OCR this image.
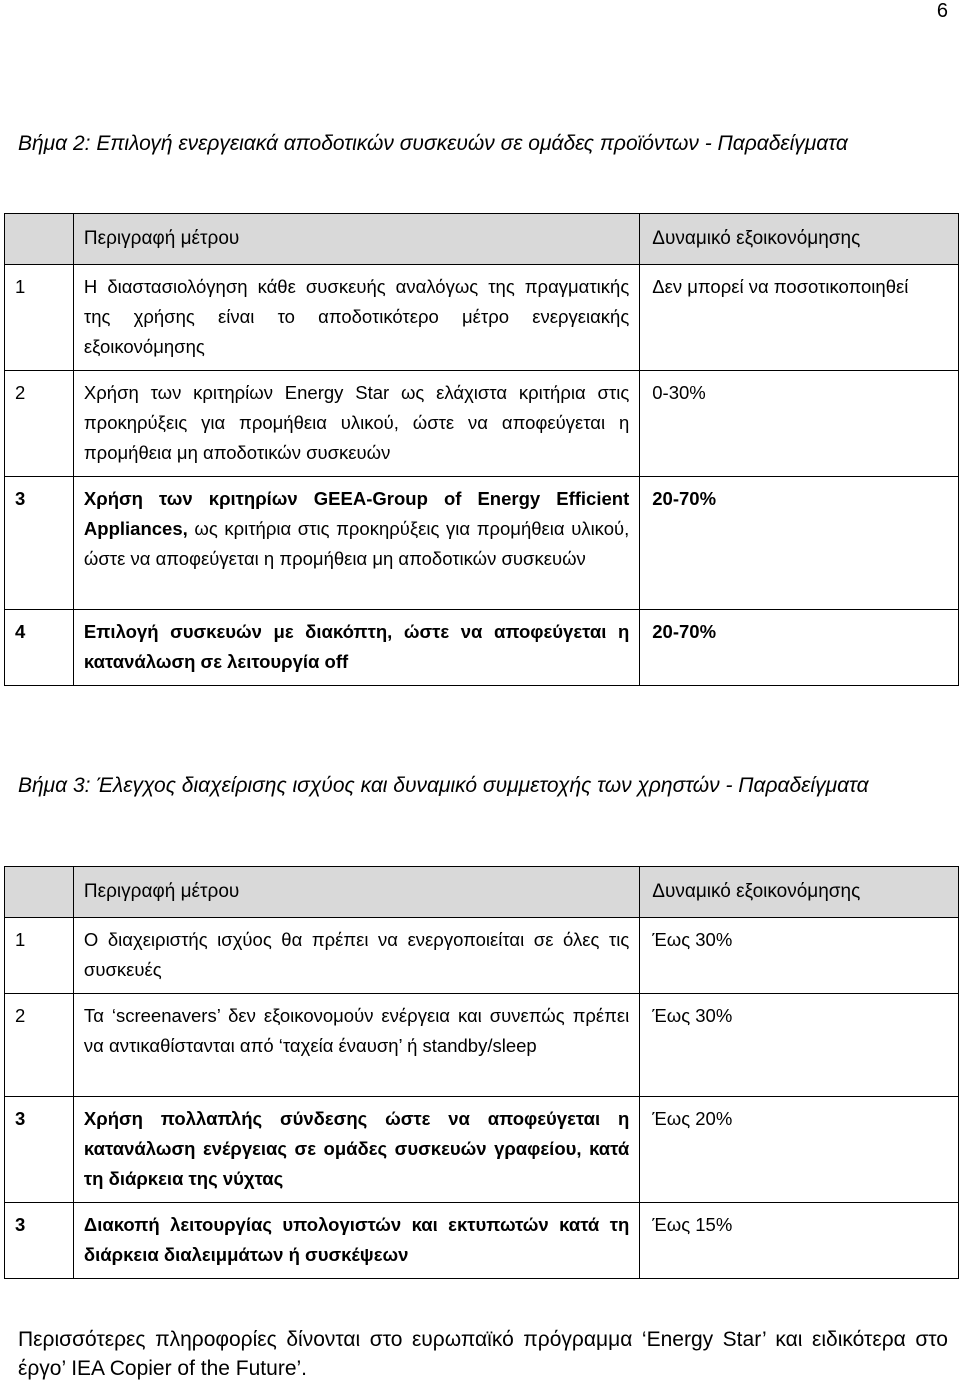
6
Βήμα 2: Επιλογή ενεργειακά αποδοτικών συσκευών σε ομάδες προϊόντων - Παραδείγματα
	Περιγραφή μέτρου	Δυναμικό εξοικονόμησης
1	Η διαστασιολόγηση κάθε συσκευής αναλόγως της πραγματικής της χρήσης είναι το αποδοτικότερο μέτρο ενεργειακής εξοικονόμησης	Δεν μπορεί να ποσοτικοποιηθεί
2	Χρήση των κριτηρίων Energy Star ως ελάχιστα κριτήρια στις προκηρύξεις για προμήθεια υλικού, ώστε να αποφεύγεται η προμήθεια μη αποδοτικών συσκευών	0-30%
3	Χρήση των κριτηρίων GEEA-Group of Energy Efficient Appliances, ως κριτήρια στις προκηρύξεις για προμήθεια υλικού, ώστε να αποφεύγεται η προμήθεια μη αποδοτικών συσκευών	20-70%
4	Επιλογή συσκευών με διακόπτη, ώστε να αποφεύγεται η κατανάλωση σε λειτουργία off	20-70%
Βήμα 3: Έλεγχος διαχείρισης ισχύος και δυναμικό συμμετοχής των χρηστών - Παραδείγματα
	Περιγραφή μέτρου	Δυναμικό εξοικονόμησης
1	Ο διαχειριστής ισχύος θα πρέπει να ενεργοποιείται σε όλες τις συσκευές	Έως 30%
2	Τα ‘screenavers’ δεν εξοικονομούν ενέργεια και συνεπώς πρέπει να αντικαθίστανται από ‘ταχεία έναυση’ ή standby/sleep	Έως 30%
3	Χρήση πολλαπλής σύνδεσης ώστε να αποφεύγεται η κατανάλωση ενέργειας σε ομάδες συσκευών γραφείου, κατά τη διάρκεια της νύχτας	Έως 20%
3	Διακοπή λειτουργίας υπολογιστών και εκτυπωτών κατά τη διάρκεια διαλειμμάτων ή συσκέψεων	Έως 15%
Περισσότερες πληροφορίες δίνονται στο ευρωπαϊκό πρόγραμμα ‘Energy Star’ και ειδικότερα στο έργο’ IEA Copier of the Future’.
